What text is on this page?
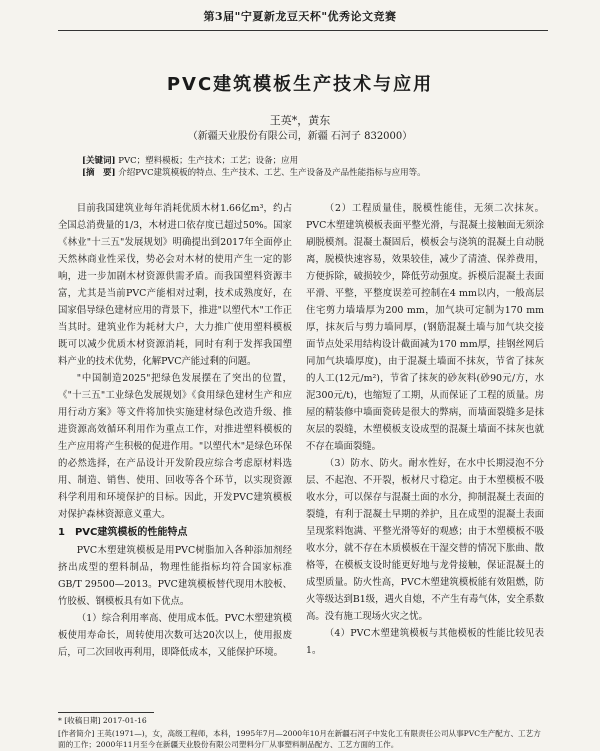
第3届"宁夏新龙豆天杯"优秀论文竞赛
PVC建筑模板生产技术与应用
王英*，黄东
（新疆天业股份有限公司，新疆 石河子 832000）
[关键词] PVC；塑料模板；生产技术；工艺；设备；应用
[摘　要] 介绍PVC建筑模板的特点、生产技术、工艺、生产设备及产品性能指标与应用等。

目前我国建筑业每年消耗优质木材1.66亿m³，约占全国总消费量的1/3，木材进口依存度已超过50%。国家《林业"十三五"发展规划》明确提出到2017年全面停止天然林商业性采伐，势必会对木材的使用产生一定的影响，进一步加剧木材资源供需矛盾。而我国塑料资源丰富，尤其是当前PVC产能相对过剩，技术成熟度好，在国家倡导绿色建材应用的背景下，推进"以塑代木"工作正当其时。建筑业作为耗材大户，大力推广使用塑料模板既可以减少优质木材资源消耗，同时有利于发挥我国塑料产业的技术优势，化解PVC产能过剩的问题。

"中国制造2025"把绿色发展摆在了突出的位置，《"十三五"工业绿色发展规划》《食用绿色建材生产和应用行动方案》等文件将加快实施建材绿色改造升级、推进资源高效循环利用作为重点工作，对推进塑料模板的生产应用将产生积极的促进作用。"以塑代木"是绿色环保的必然选择，在产品设计开发阶段应综合考虑原材料选用、制造、销售、使用、回收等各个环节，以实现资源科学利用和环境保护的目标。因此，开发PVC建筑模板对保护森林资源意义重大。

1　PVC建筑模板的性能特点

PVC木塑建筑模板是用PVC树脂加入各种添加剂经挤出成型的塑料制品，物理性能指标均符合国家标准GB/T 29500—2013。PVC建筑模板替代现用木胶板、竹胶板、钢模板具有如下优点。

（1）综合利用率高、使用成本低。PVC木塑建筑模板使用寿命长，周转使用次数可达20次以上，使用报废后，可二次回收再利用，即降低成本，又能保护环境。

（2）工程质量佳，脱模性能佳，无须二次抹灰。PVC木塑建筑模板表面平整光滑，与混凝土接触面无须涂刷脱模剂。混凝土凝固后，模板会与浇筑的混凝土自动脱离，脱模快速容易，效果较佳，减少了清渣、保养费用，方便拆除，破损较少，降低劳动强度。拆模后混凝土表面平滑、平整，平整度误差可控制在4 mm以内，一般高层住宅剪力墙墙厚为200 mm，加气块可定制为170 mm厚，抹灰后与剪力墙同厚，(钢筋混凝土墙与加气块交接面节点处采用结构设计截面减为170 mm厚，挂钢丝网后同加气块墙厚度)，由于混凝土墙面不抹灰，节省了抹灰的人工(12元/m²)，节省了抹灰的砂灰料(砂90元/方，水泥300元/t)，也缩短了工期，从而保证了工程的质量。房屋的精装修中墙面瓷砖是很大的弊病，而墙面裂缝多是抹灰层的裂缝，木塑模板支设成型的混凝土墙面不抹灰也就不存在墙面裂缝。

（3）防水、防火。耐水性好，在水中长期浸泡不分层、不起泡、不开裂，板材尺寸稳定。由于木塑模板不吸收水分，可以保存与混凝土面的水分，抑制混凝土表面的裂缝，有利于混凝土早期的养护，且在成型的混凝土表面呈现浆料饱满、平整光滑等好的观感；由于木塑模板不吸收水分，就不存在木质模板在干湿交替的情况下胀曲、散格等，在模板支设时能更好地与龙骨接触，保证混凝土的成型质量。防火性高，PVC木塑建筑模板能有效阻燃，防火等级达到B1级，遇火自熄，不产生有毒气体，安全系数高。没有施工现场火灾之忧。

（4）PVC木塑建筑模板与其他模板的性能比较见表1。

* [收稿日期] 2017-01-16
[作者简介] 王英(1971—)，女，高级工程师，本科，1995年7月—2000年10月在新疆石河子中发化工有限责任公司从事PVC生产配方、工艺方面的工作；2000年11月至今在新疆天业股份有限公司塑料分厂从事塑料制品配方、工艺方面的工作。
